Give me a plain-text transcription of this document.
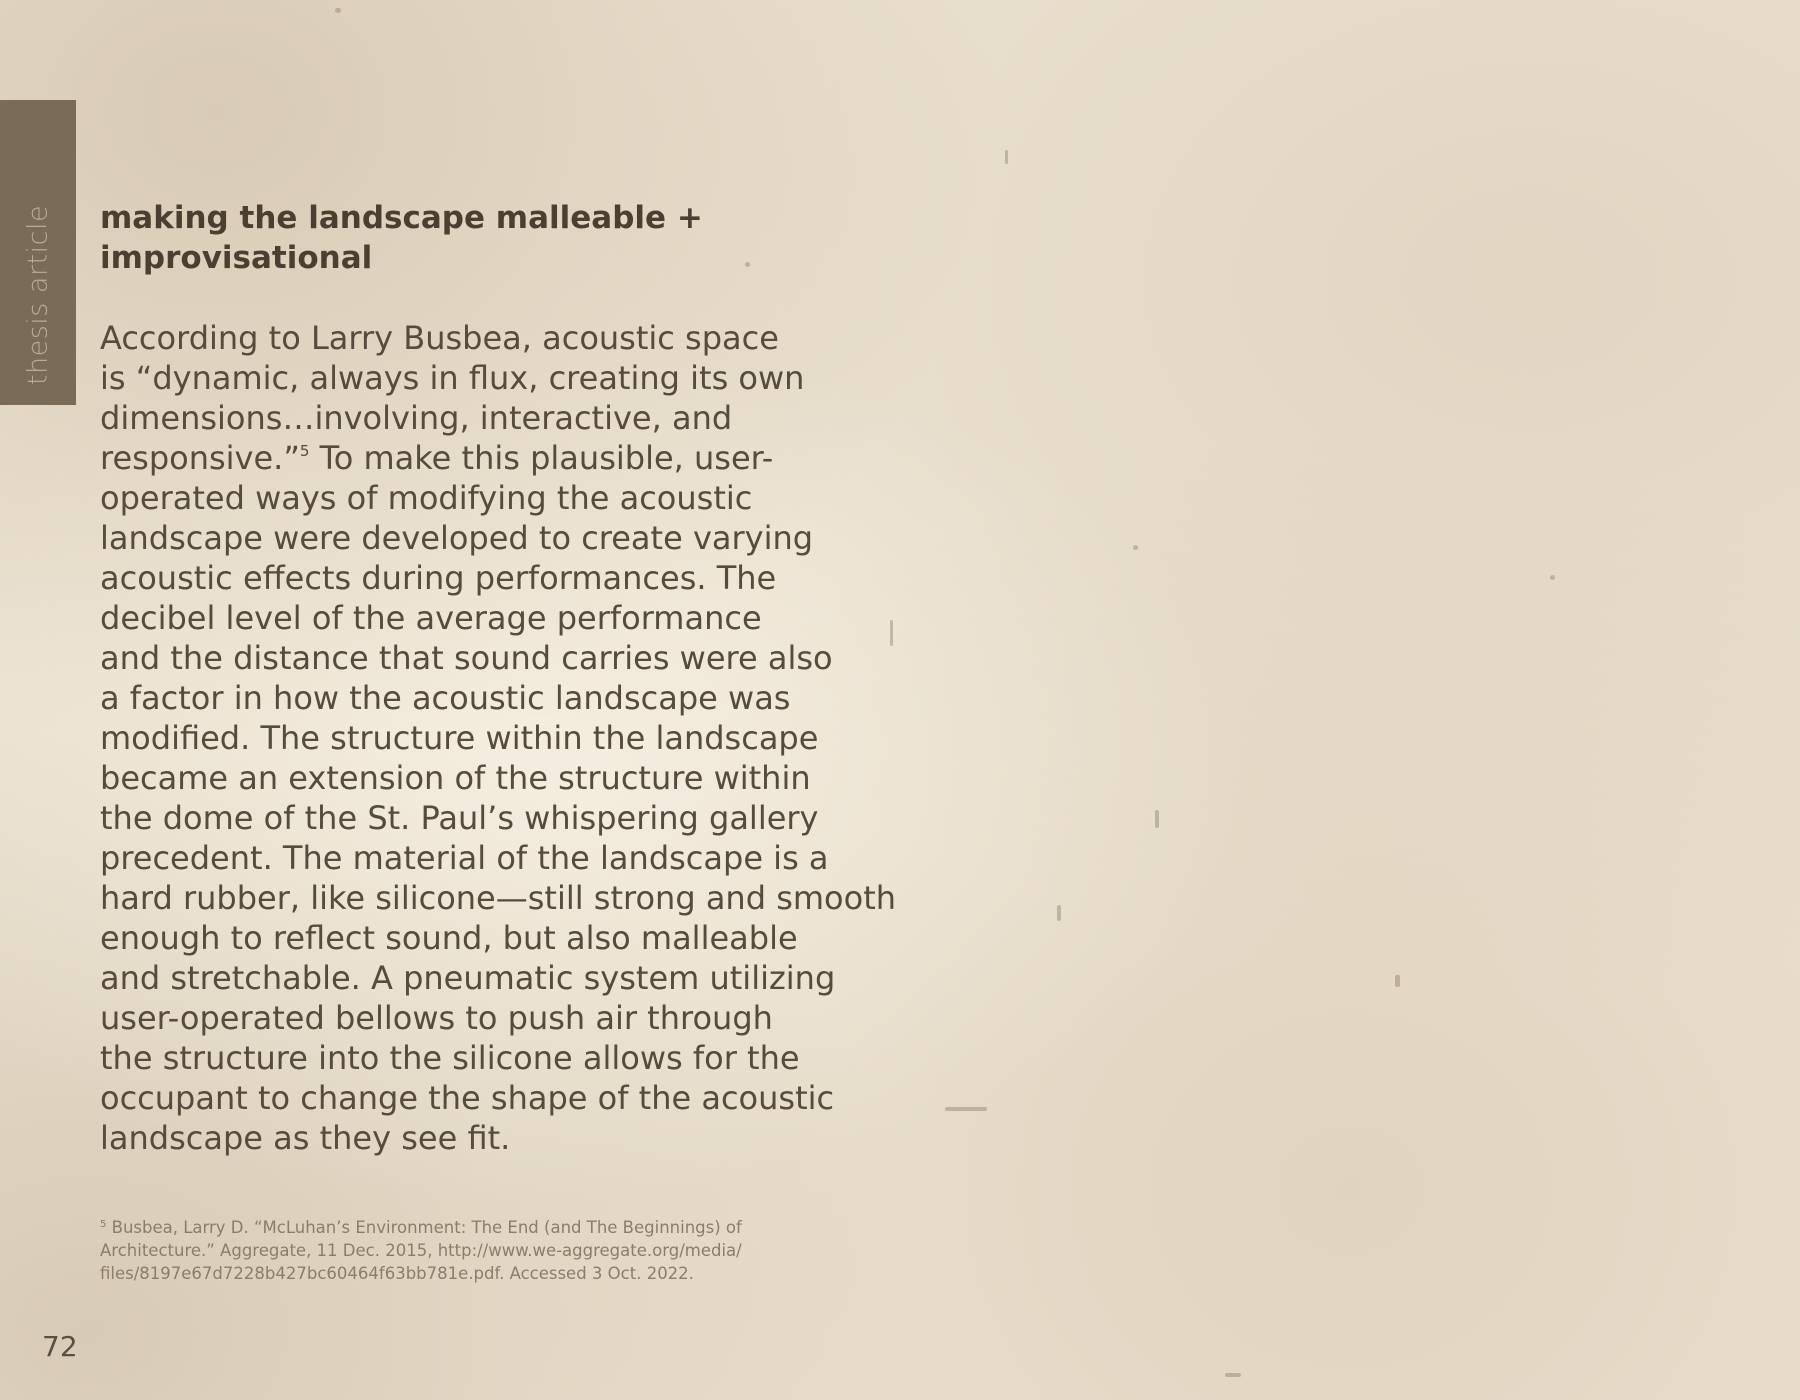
thesis article making the landscape malleable +
improvisational
According to Larry Busbea, acoustic space
is “dynamic, always in flux, creating its own
dimensions…involving, interactive, and
responsive.”$^5$ To make this plausible, user-
operated ways of modifying the acoustic
landscape were developed to create varying
acoustic effects during performances. The
decibel level of the average performance
and the distance that sound carries were also
a factor in how the acoustic landscape was
modified. The structure within the landscape
became an extension of the structure within
the dome of the St. Paul’s whispering gallery
precedent. The material of the landscape is a
hard rubber, like silicone—still strong and smooth
enough to reflect sound, but also malleable
and stretchable. A pneumatic system utilizing
user-operated bellows to push air through
the structure into the silicone allows for the
occupant to change the shape of the acoustic
landscape as they see fit.
$^5$ Busbea, Larry D. “McLuhan’s Environment: The End (and The Beginnings) of
Architecture.” Aggregate, 11 Dec. 2015, http://www.we-aggregate.org/media/
files/8197e67d7228b427bc60464f63bb781e.pdf. Accessed 3 Oct. 2022.
72
